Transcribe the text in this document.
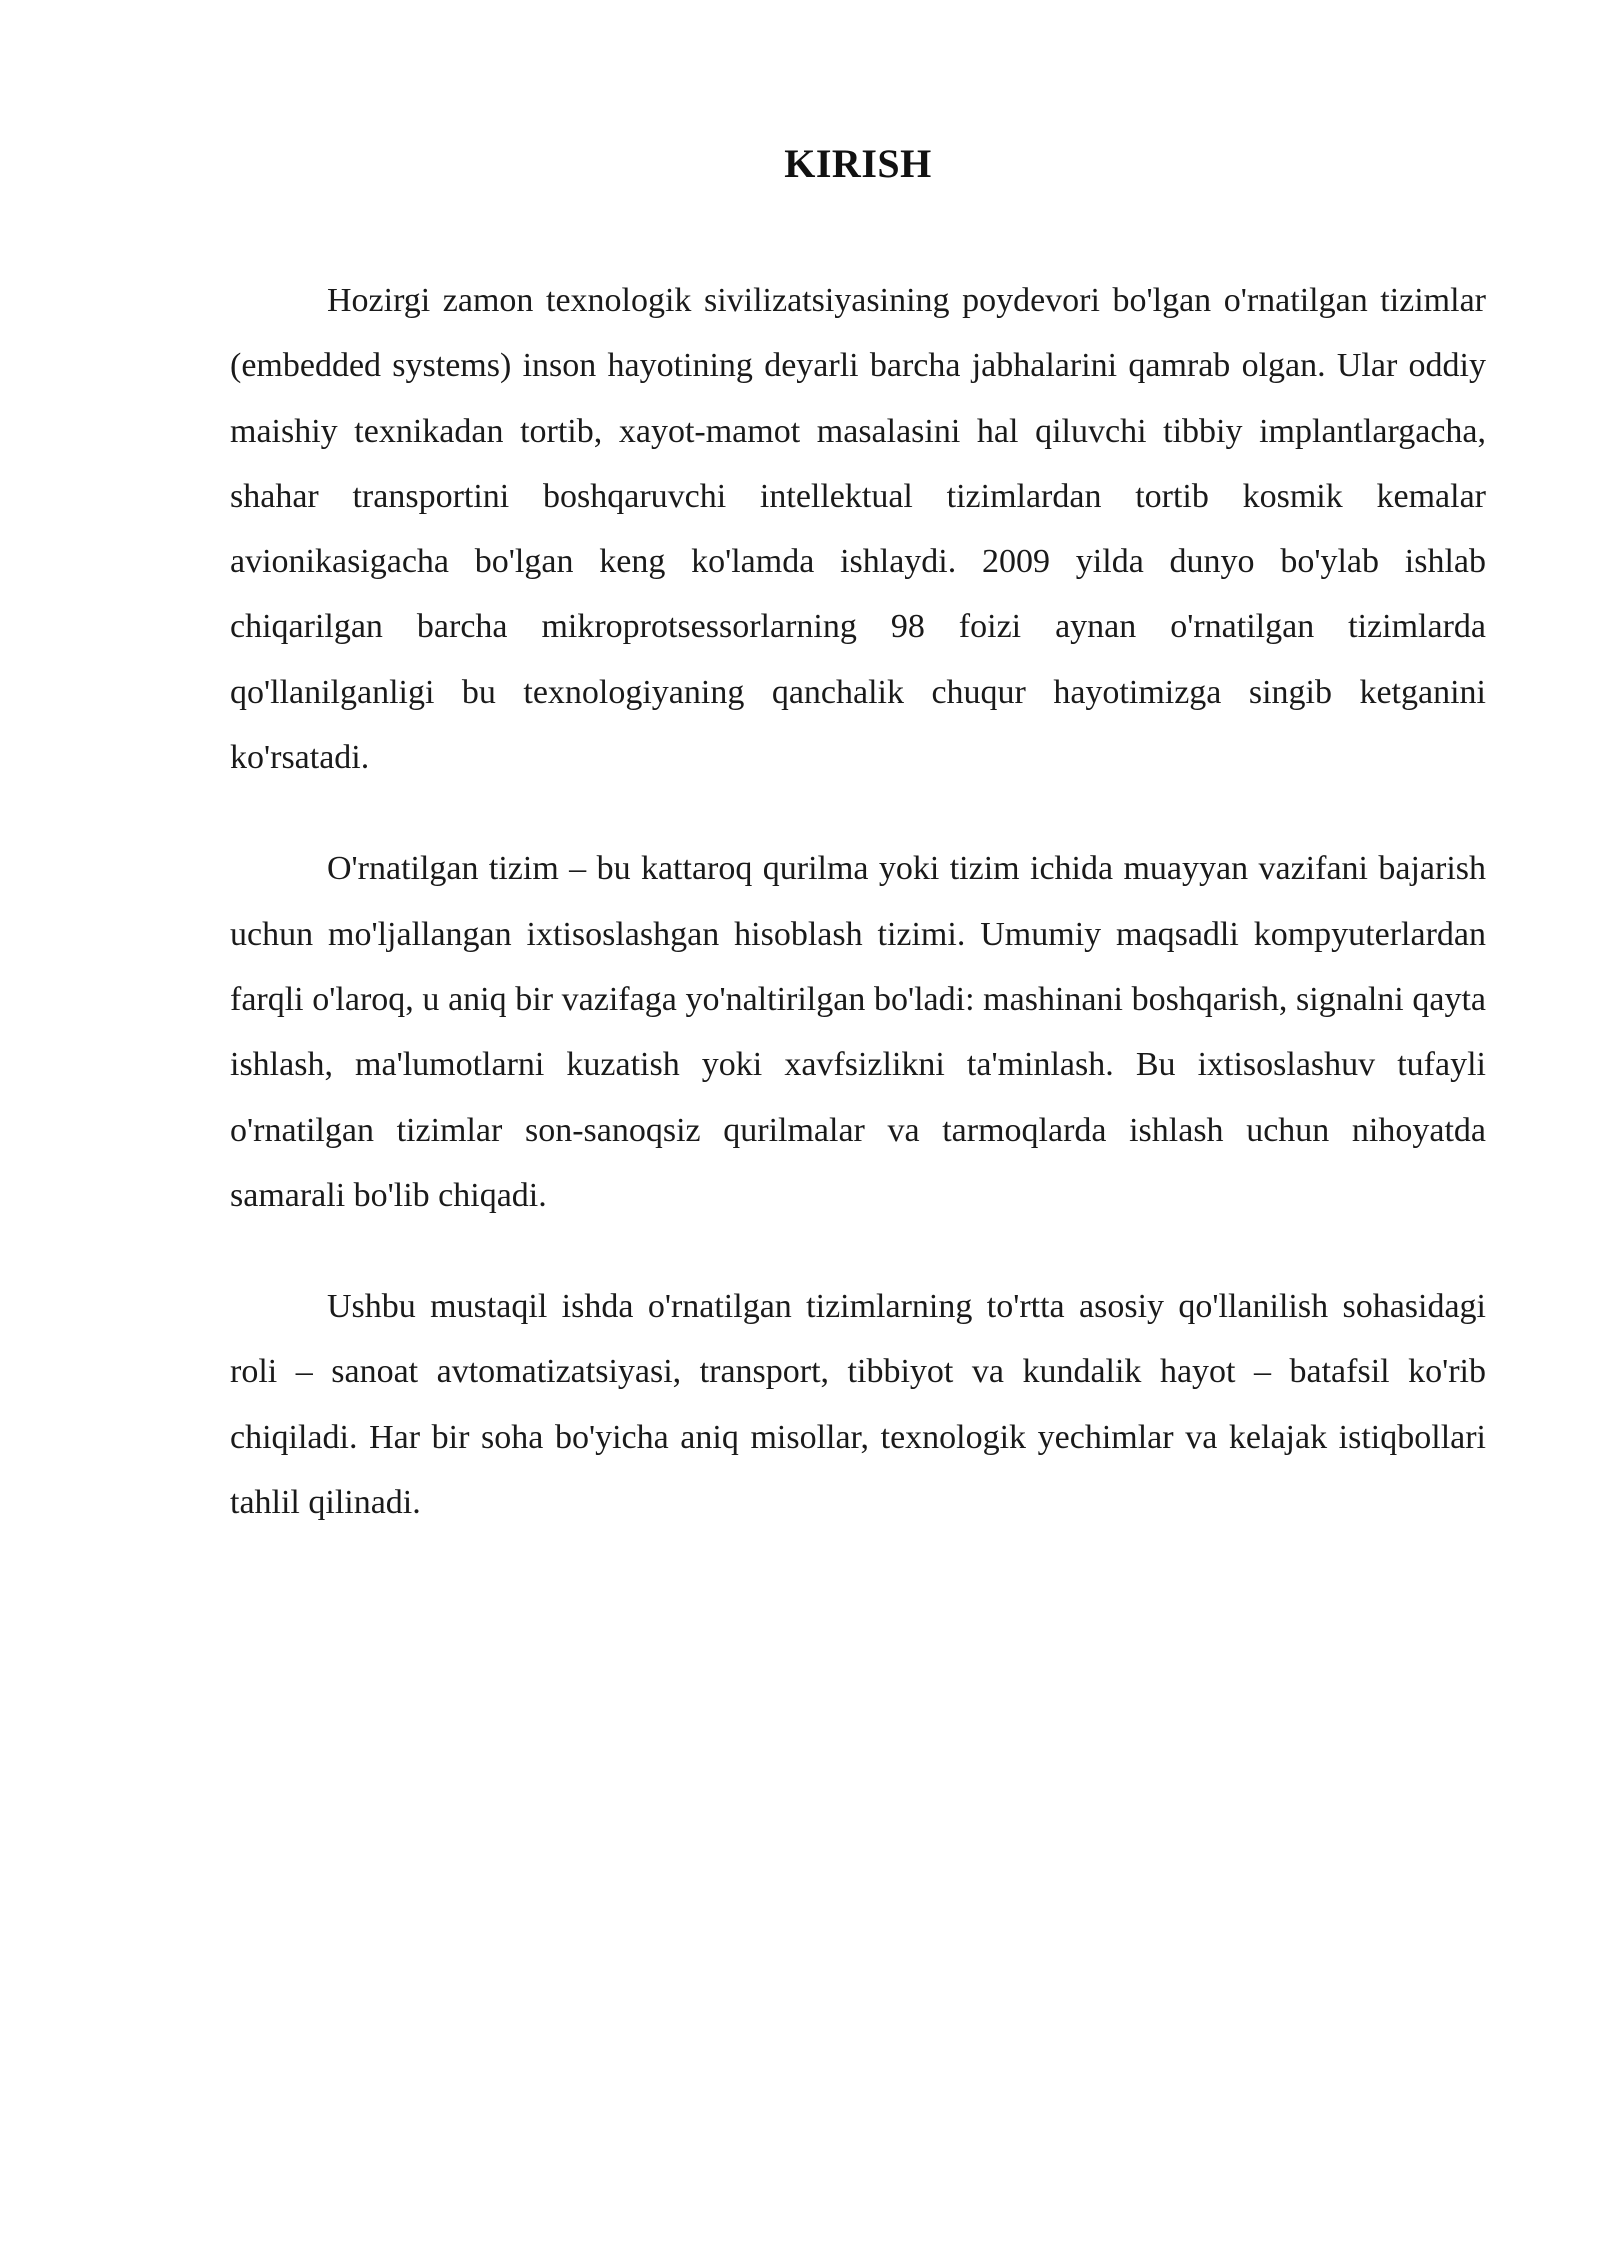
KIRISH

Hozirgi zamon texnologik sivilizatsiyasining poydevori bo'lgan o'rnatilgan tizimlar (embedded systems) inson hayotining deyarli barcha jabhalarini qamrab olgan. Ular oddiy maishiy texnikadan tortib, xayot-mamot masalasini hal qiluvchi tibbiy implantlargacha, shahar transportini boshqaruvchi intellektual tizimlardan tortib kosmik kemalar avionikasigacha bo'lgan keng ko'lamda ishlaydi. 2009 yilda dunyo bo'ylab ishlab chiqarilgan barcha mikroprotsessorlarning 98 foizi aynan o'rnatilgan tizimlarda qo'llanilganligi bu texnologiyaning qanchalik chuqur hayotimizga singib ketganini ko'rsatadi.

O'rnatilgan tizim – bu kattaroq qurilma yoki tizim ichida muayyan vazifani bajarish uchun mo'ljallangan ixtisoslashgan hisoblash tizimi. Umumiy maqsadli kompyuterlardan farqli o'laroq, u aniq bir vazifaga yo'naltirilgan bo'ladi: mashinani boshqarish, signalni qayta ishlash, ma'lumotlarni kuzatish yoki xavfsizlikni ta'minlash. Bu ixtisoslashuv tufayli o'rnatilgan tizimlar son-sanoqsiz qurilmalar va tarmoqlarda ishlash uchun nihoyatda samarali bo'lib chiqadi.

Ushbu mustaqil ishda o'rnatilgan tizimlarning to'rtta asosiy qo'llanilish sohasidagi roli – sanoat avtomatizatsiyasi, transport, tibbiyot va kundalik hayot – batafsil ko'rib chiqiladi. Har bir soha bo'yicha aniq misollar, texnologik yechimlar va kelajak istiqbollari tahlil qilinadi.
